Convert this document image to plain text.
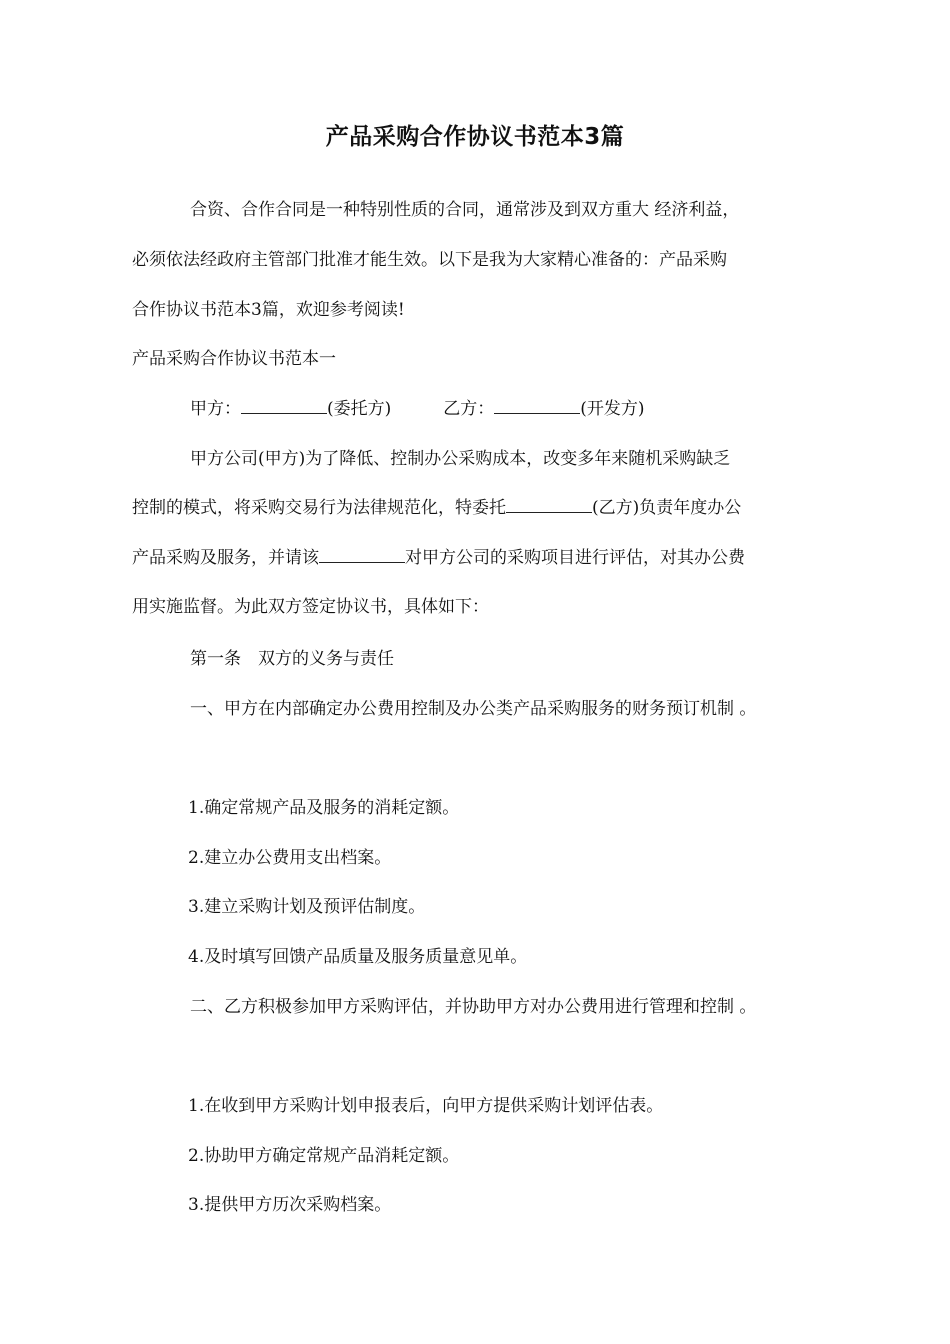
产品采购合作协议书范本3篇
合资、合作合同是一种特别性质的合同，通常涉及到双方重大 经济利益，
必须依法经政府主管部门批准才能生效。以下是我为大家精心准备的：产品采购
合作协议书范本3篇，欢迎参考阅读!
产品采购合作协议书范本一
甲方：	(委托方)	乙方：	(开发方)
甲方公司(甲方)为了降低、控制办公采购成本，改变多年来随机采购缺乏
控制的模式，将采购交易行为法律规范化，特委托	(乙方)负责年度办公
产品采购及服务，并请该	对甲方公司的采购项目进行评估，对其办公费
用实施监督。为此双方签定协议书，具体如下：
第一条　双方的义务与责任
一、甲方在内部确定办公费用控制及办公类产品采购服务的财务预订机制 。
1.确定常规产品及服务的消耗定额。
2.建立办公费用支出档案。
3.建立采购计划及预评估制度。
4.及时填写回馈产品质量及服务质量意见单。
二、乙方积极参加甲方采购评估，并协助甲方对办公费用进行管理和控制 。
1.在收到甲方采购计划申报表后，向甲方提供采购计划评估表。
2.协助甲方确定常规产品消耗定额。
3.提供甲方历次采购档案。
